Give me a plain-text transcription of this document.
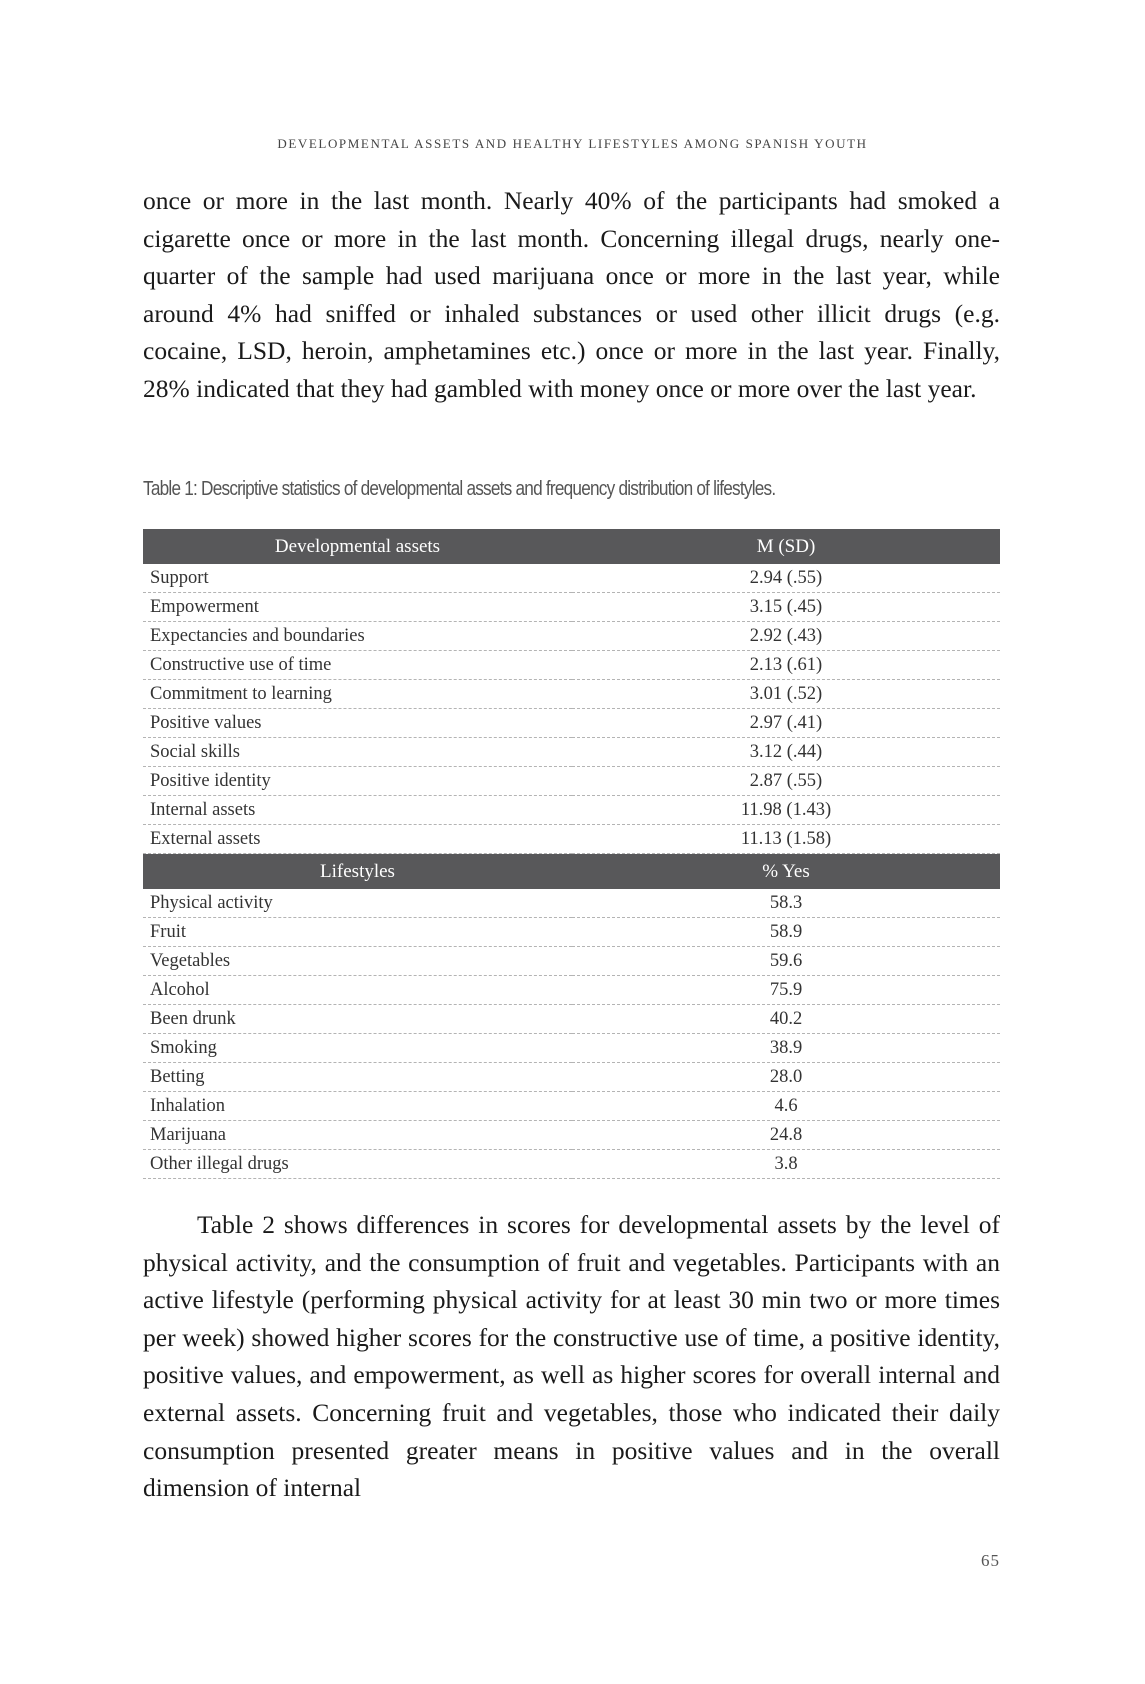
DEVELOPMENTAL ASSETS AND HEALTHY LIFESTYLES AMONG SPANISH YOUTH

once or more in the last month. Nearly 40% of the participants had smoked a cigarette once or more in the last month. Concerning illegal drugs, nearly one-quarter of the sample had used marijuana once or more in the last year, while around 4% had sniffed or inhaled substances or used other illicit drugs (e.g. cocaine, LSD, heroin, amphetamines etc.) once or more in the last year. Finally, 28% indicated that they had gambled with money once or more over the last year.

Table 1: Descriptive statistics of developmental assets and frequency distribution of lifestyles.
Developmental assets	M (SD)
Support	2.94 (.55)
Empowerment	3.15 (.45)
Expectancies and boundaries	2.92 (.43)
Constructive use of time	2.13 (.61)
Commitment to learning	3.01 (.52)
Positive values	2.97 (.41)
Social skills	3.12 (.44)
Positive identity	2.87 (.55)
Internal assets	11.98 (1.43)
External assets	11.13 (1.58)
Lifestyles	% Yes
Physical activity	58.3
Fruit	58.9
Vegetables	59.6
Alcohol	75.9
Been drunk	40.2
Smoking	38.9
Betting	28.0
Inhalation	4.6
Marijuana	24.8
Other illegal drugs	3.8

Table 2 shows differences in scores for developmental assets by the level of physical activity, and the consumption of fruit and vegetables. Participants with an active lifestyle (performing physical activity for at least 30 min two or more times per week) showed higher scores for the constructive use of time, a positive identity, positive values, and empowerment, as well as higher scores for overall internal and external assets. Concerning fruit and vegetables, those who indicated their daily consumption presented greater means in positive values and in the overall dimension of internal

65
